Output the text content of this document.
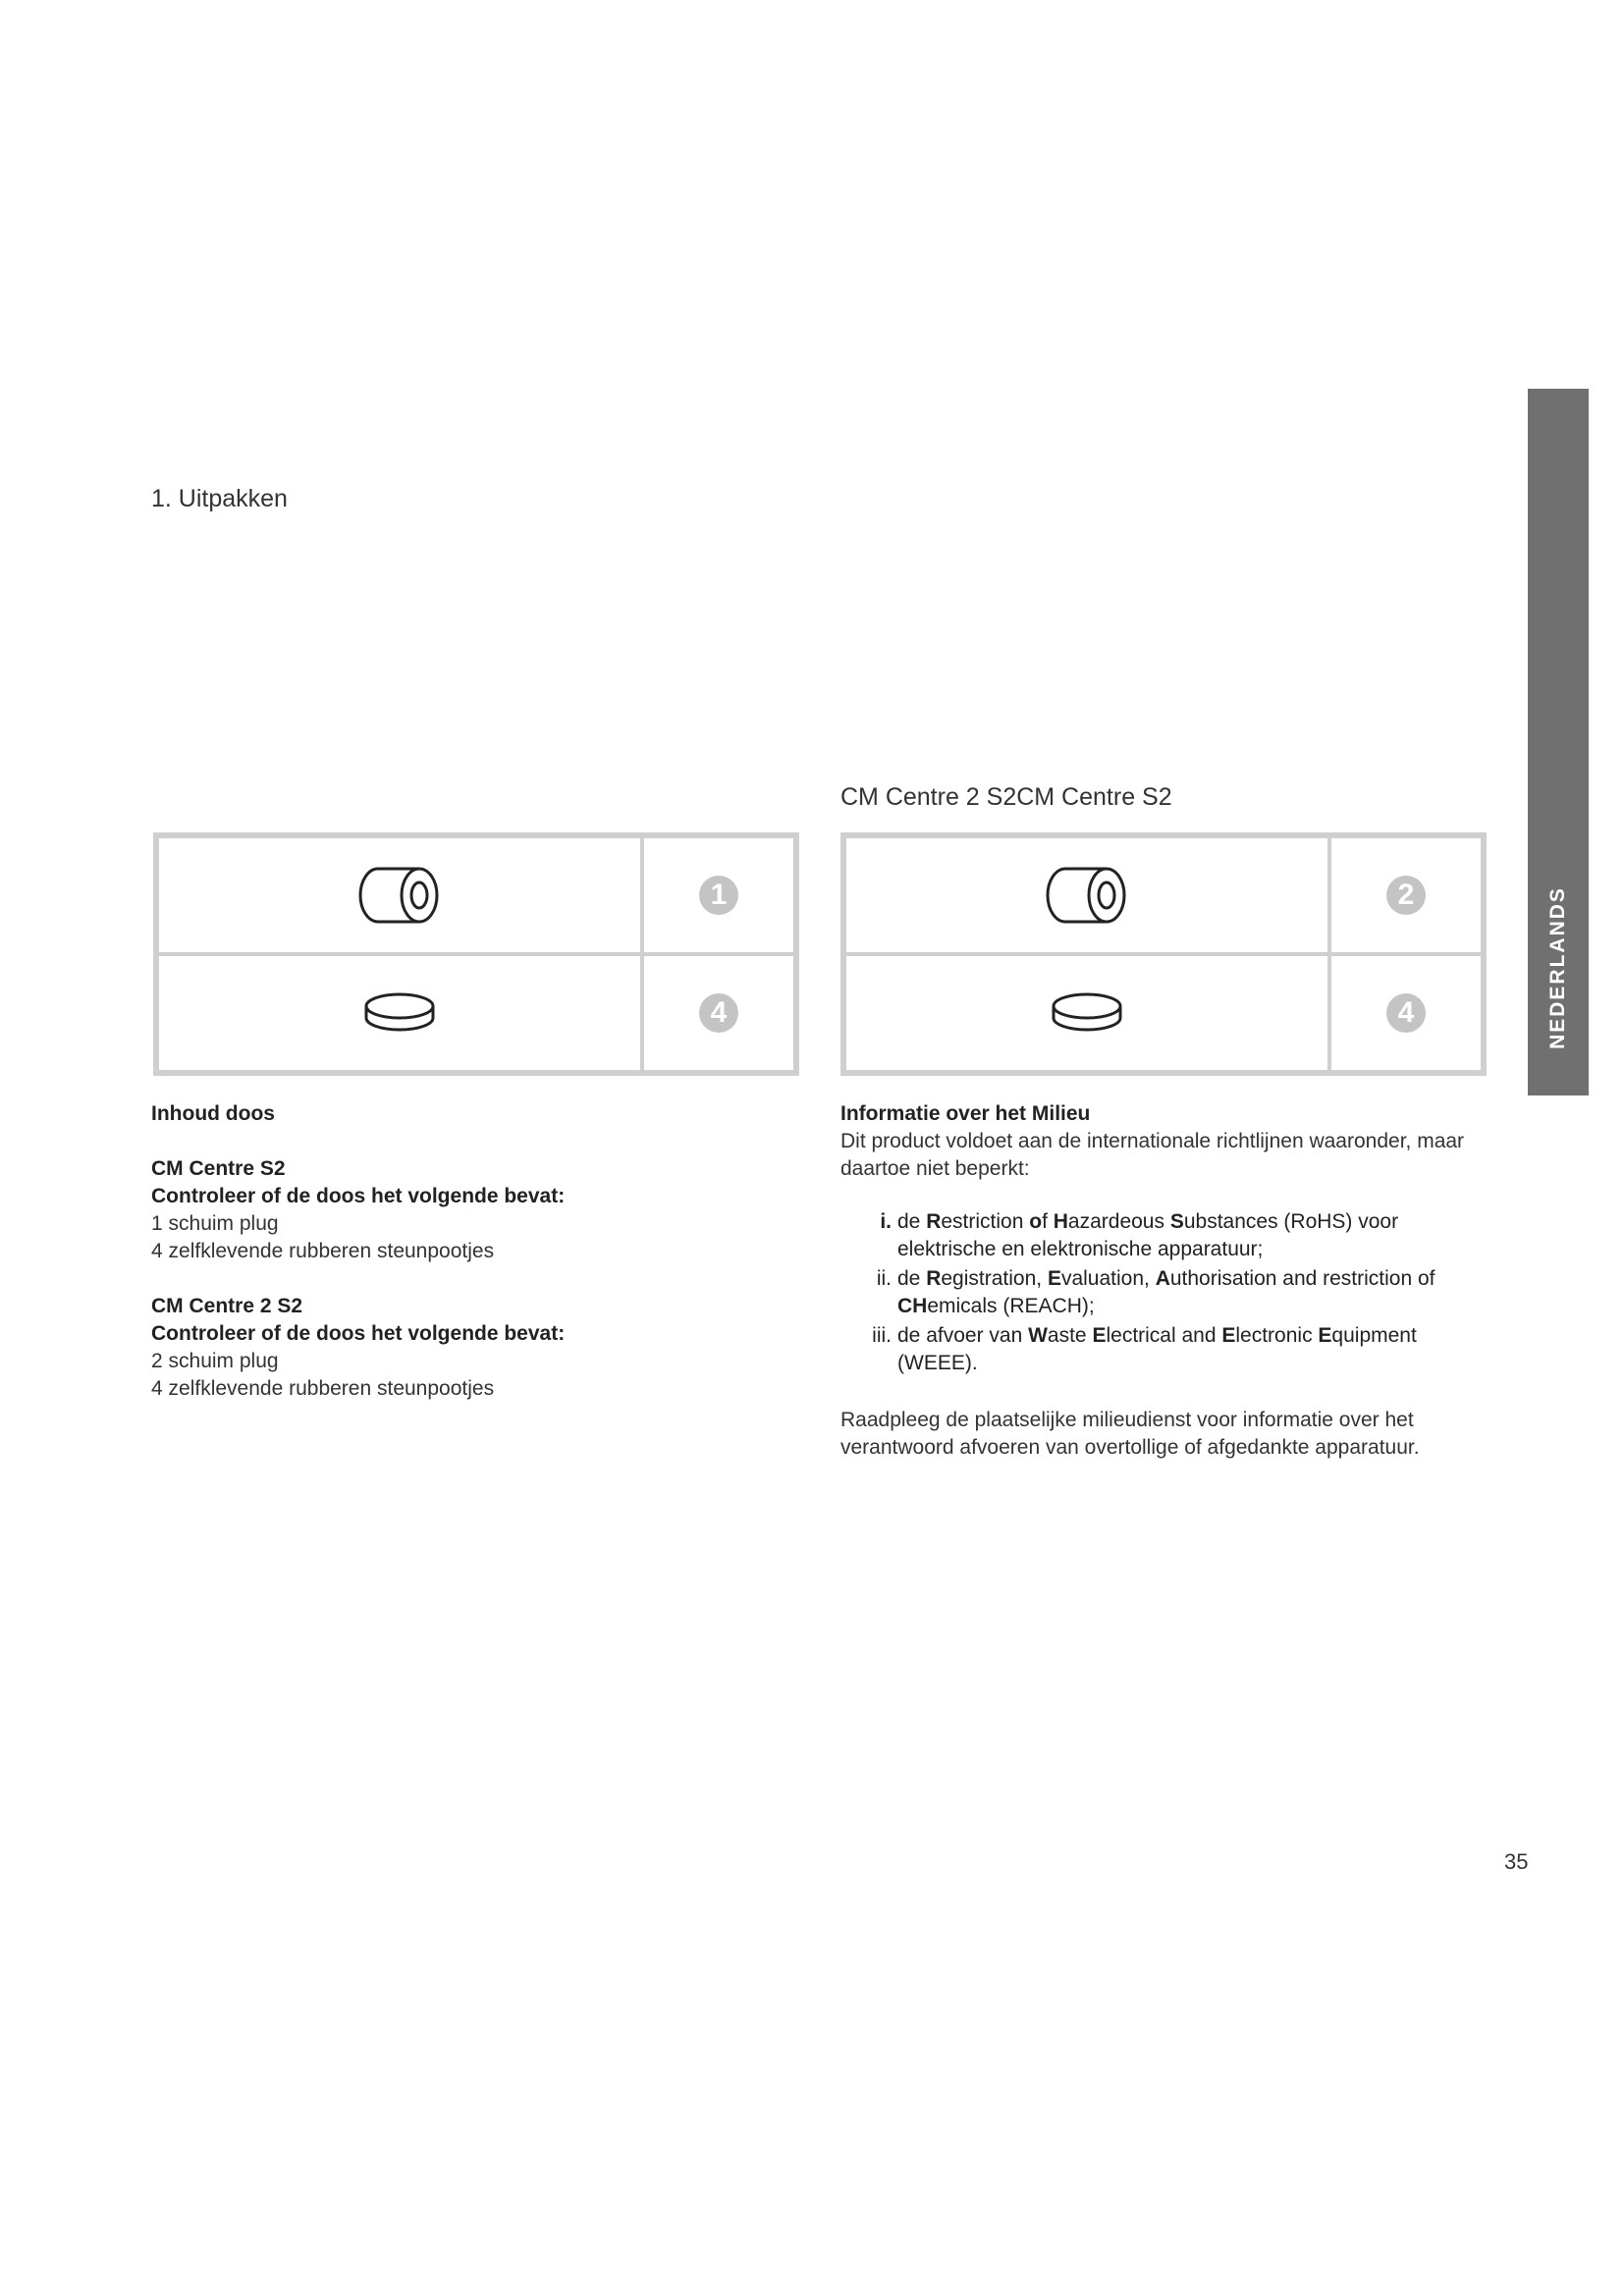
1. Uitpakken
CM Centre 2 S2CM Centre S2
1
4
2
4
Inhoud doos
CM Centre S2
Controleer of de doos het volgende bevat:
1 schuim plug
4 zelfklevende rubberen steunpootjes
CM Centre 2 S2
Controleer of de doos het volgende bevat:
2 schuim plug
4 zelfklevende rubberen steunpootjes
Informatie over het Milieu
Dit product voldoet aan de internationale richtlijnen waaronder, maar daartoe niet beperkt:
i. de Restriction of Hazardeous Substances (RoHS) voor elektrische en elektronische apparatuur;
ii. de Registration, Evaluation, Authorisation and restriction of CHemicals (REACH);
iii. de afvoer van Waste Electrical and Electronic Equipment (WEEE).
Raadpleeg de plaatselijke milieudienst voor informatie over het verantwoord afvoeren van overtollige of afgedankte apparatuur.
NEDERLANDS
35
